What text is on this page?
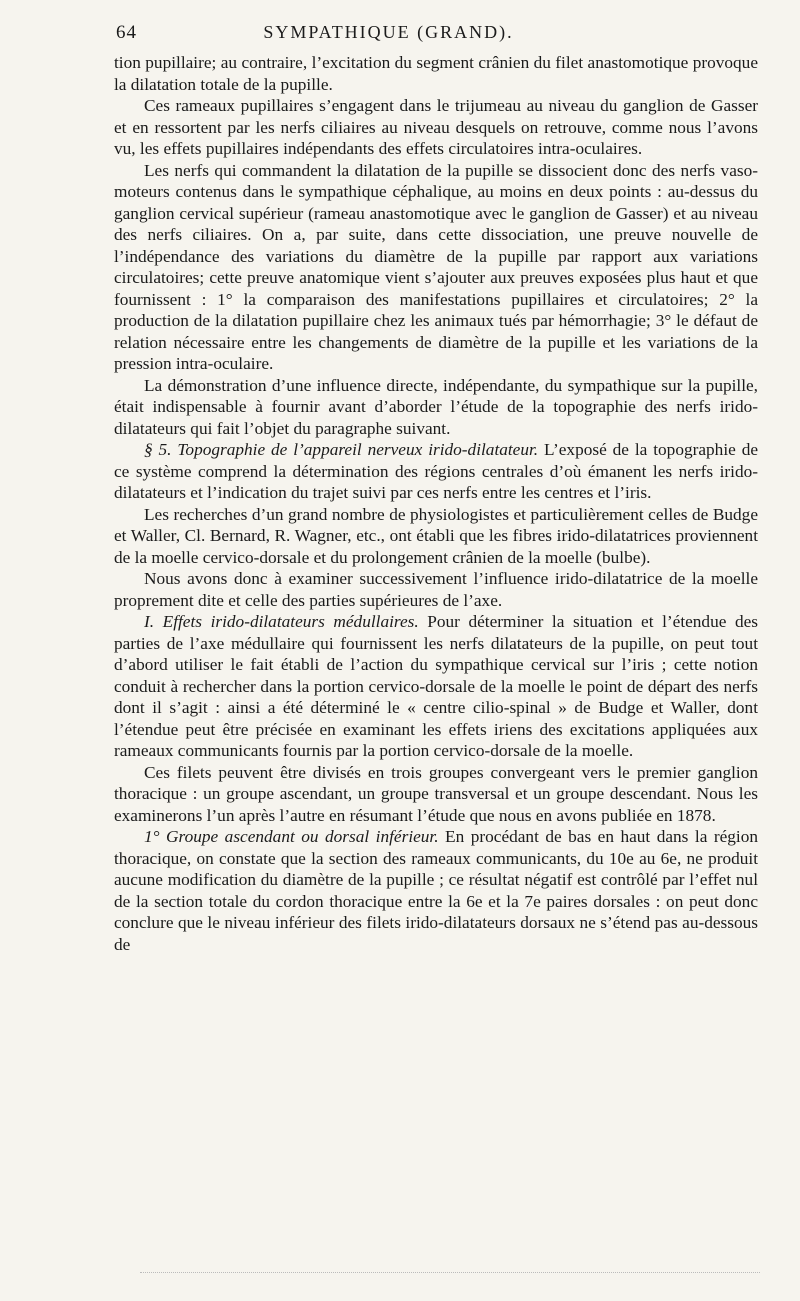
64	SYMPATHIQUE (GRAND).

tion pupillaire; au contraire, l’excitation du segment crânien du filet anastomotique provoque la dilatation totale de la pupille.

Ces rameaux pupillaires s’engagent dans le trijumeau au niveau du ganglion de Gasser et en ressortent par les nerfs ciliaires au niveau desquels on retrouve, comme nous l’avons vu, les effets pupillaires indépendants des effets circulatoires intra-oculaires.

Les nerfs qui commandent la dilatation de la pupille se dissocient donc des nerfs vaso-moteurs contenus dans le sympathique céphalique, au moins en deux points : au-dessus du ganglion cervical supérieur (rameau anastomotique avec le ganglion de Gasser) et au niveau des nerfs ciliaires. On a, par suite, dans cette dissociation, une preuve nouvelle de l’indépendance des variations du diamètre de la pupille par rapport aux variations circulatoires; cette preuve anatomique vient s’ajouter aux preuves exposées plus haut et que fournissent : 1° la comparaison des manifestations pupillaires et circulatoires; 2° la production de la dilatation pupillaire chez les animaux tués par hémorrhagie; 3° le défaut de relation nécessaire entre les changements de diamètre de la pupille et les variations de la pression intra-oculaire.

La démonstration d’une influence directe, indépendante, du sympathique sur la pupille, était indispensable à fournir avant d’aborder l’étude de la topographie des nerfs irido-dilatateurs qui fait l’objet du paragraphe suivant.

§ 5. Topographie de l’appareil nerveux irido-dilatateur. L’exposé de la topographie de ce système comprend la détermination des régions centrales d’où émanent les nerfs irido-dilatateurs et l’indication du trajet suivi par ces nerfs entre les centres et l’iris.

Les recherches d’un grand nombre de physiologistes et particulièrement celles de Budge et Waller, Cl. Bernard, R. Wagner, etc., ont établi que les fibres irido-dilatatrices proviennent de la moelle cervico-dorsale et du prolongement crânien de la moelle (bulbe).

Nous avons donc à examiner successivement l’influence irido-dilatatrice de la moelle proprement dite et celle des parties supérieures de l’axe.

I. Effets irido-dilatateurs médullaires. Pour déterminer la situation et l’étendue des parties de l’axe médullaire qui fournissent les nerfs dilatateurs de la pupille, on peut tout d’abord utiliser le fait établi de l’action du sympathique cervical sur l’iris ; cette notion conduit à rechercher dans la portion cervico-dorsale de la moelle le point de départ des nerfs dont il s’agit : ainsi a été déterminé le « centre cilio-spinal » de Budge et Waller, dont l’étendue peut être précisée en examinant les effets iriens des excitations appliquées aux rameaux communicants fournis par la portion cervico-dorsale de la moelle.

Ces filets peuvent être divisés en trois groupes convergeant vers le premier ganglion thoracique : un groupe ascendant, un groupe transversal et un groupe descendant. Nous les examinerons l’un après l’autre en résumant l’étude que nous en avons publiée en 1878.

1° Groupe ascendant ou dorsal inférieur. En procédant de bas en haut dans la région thoracique, on constate que la section des rameaux communicants, du 10e au 6e, ne produit aucune modification du diamètre de la pupille ; ce résultat négatif est contrôlé par l’effet nul de la section totale du cordon thoracique entre la 6e et la 7e paires dorsales : on peut donc conclure que le niveau inférieur des filets irido-dilatateurs dorsaux ne s’étend pas au-dessous de
